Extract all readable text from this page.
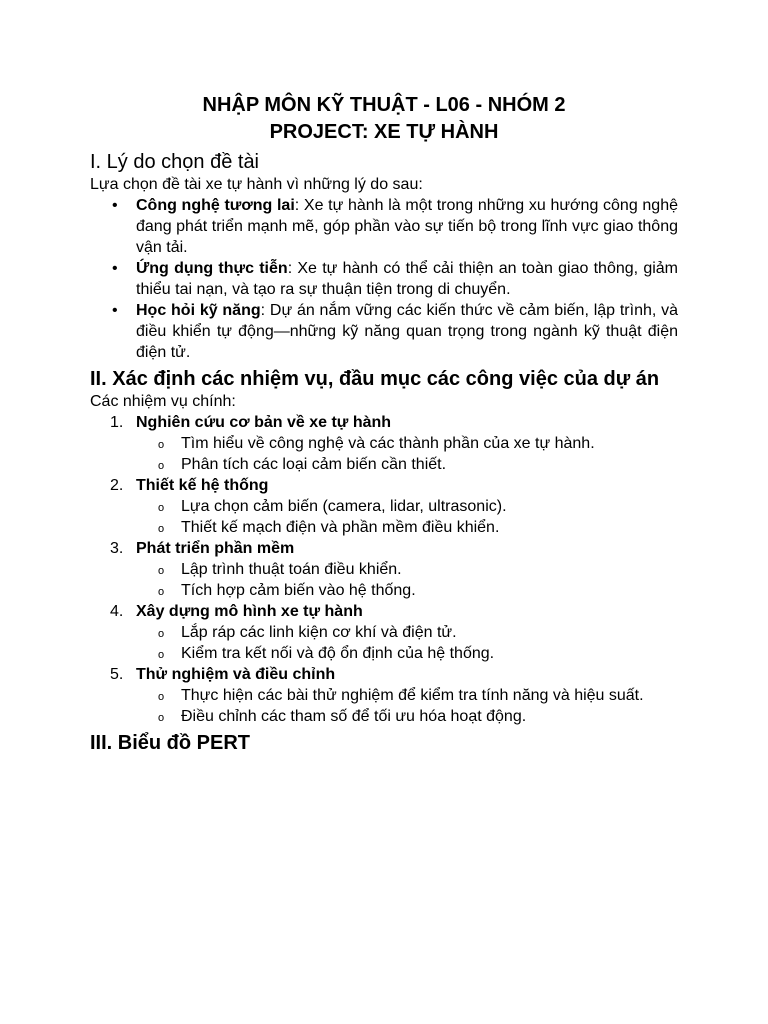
NHẬP MÔN KỸ THUẬT - L06 - NHÓM 2

PROJECT: XE TỰ HÀNH

I. Lý do chọn đề tài

Lựa chọn đề tài xe tự hành vì những lý do sau:

• Công nghệ tương lai: Xe tự hành là một trong những xu hướng công nghệ đang phát triển mạnh mẽ, góp phần vào sự tiến bộ trong lĩnh vực giao thông vận tải.
• Ứng dụng thực tiễn: Xe tự hành có thể cải thiện an toàn giao thông, giảm thiểu tai nạn, và tạo ra sự thuận tiện trong di chuyển.
• Học hỏi kỹ năng: Dự án nắm vững các kiến thức về cảm biến, lập trình, và điều khiển tự động—những kỹ năng quan trọng trong ngành kỹ thuật điện điện tử.
II. Xác định các nhiệm vụ, đầu mục các công việc của dự án

Các nhiệm vụ chính:

1. Nghiên cứu cơ bản về xe tự hành
o Tìm hiểu về công nghệ và các thành phần của xe tự hành.
o Phân tích các loại cảm biến cần thiết.
2. Thiết kế hệ thống
o Lựa chọn cảm biến (camera, lidar, ultrasonic).
o Thiết kế mạch điện và phần mềm điều khiển.
3. Phát triển phần mềm
o Lập trình thuật toán điều khiển.
o Tích hợp cảm biến vào hệ thống.
4. Xây dựng mô hình xe tự hành
o Lắp ráp các linh kiện cơ khí và điện tử.
o Kiểm tra kết nối và độ ổn định của hệ thống.
5. Thử nghiệm và điều chỉnh
o Thực hiện các bài thử nghiệm để kiểm tra tính năng và hiệu suất.
o Điều chỉnh các tham số để tối ưu hóa hoạt động.
III. Biểu đồ PERT
